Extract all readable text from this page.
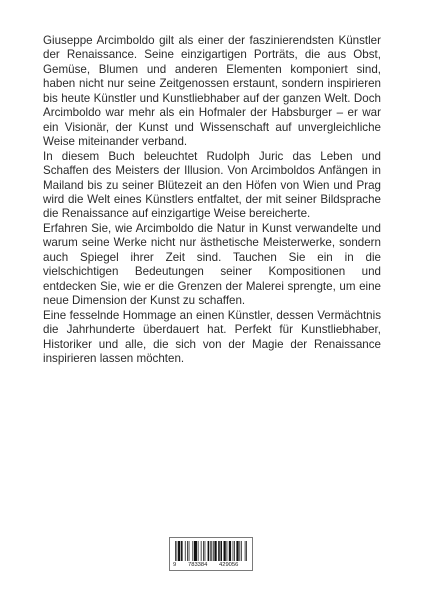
Giuseppe Arcimboldo gilt als einer der faszinierendsten Künstler der Renaissance. Seine einzigartigen Porträts, die aus Obst, Gemüse, Blumen und anderen Elementen komponiert sind, haben nicht nur seine Zeitgenossen erstaunt, sondern inspirieren bis heute Künstler und Kunstliebhaber auf der ganzen Welt. Doch Arcimboldo war mehr als ein Hofmaler der Habsburger – er war ein Visionär, der Kunst und Wissenschaft auf unvergleichliche Weise miteinander verband.

In diesem Buch beleuchtet Rudolph Juric das Leben und Schaffen des Meisters der Illusion. Von Arcimboldos Anfängen in Mailand bis zu seiner Blütezeit an den Höfen von Wien und Prag wird die Welt eines Künstlers entfaltet, der mit seiner Bildsprache die Renaissance auf einzigartige Weise bereicherte.

Erfahren Sie, wie Arcimboldo die Natur in Kunst verwandelte und warum seine Werke nicht nur ästhetische Meisterwerke, sondern auch Spiegel ihrer Zeit sind. Tauchen Sie ein in die vielschichtigen Bedeutungen seiner Kompositionen und entdecken Sie, wie er die Grenzen der Malerei sprengte, um eine neue Dimension der Kunst zu schaffen.

Eine fesselnde Hommage an einen Künstler, dessen Vermächtnis die Jahrhunderte überdauert hat. Perfekt für Kunstliebhaber, Historiker und alle, die sich von der Magie der Renaissance inspirieren lassen möchten.

9 783384 429056
